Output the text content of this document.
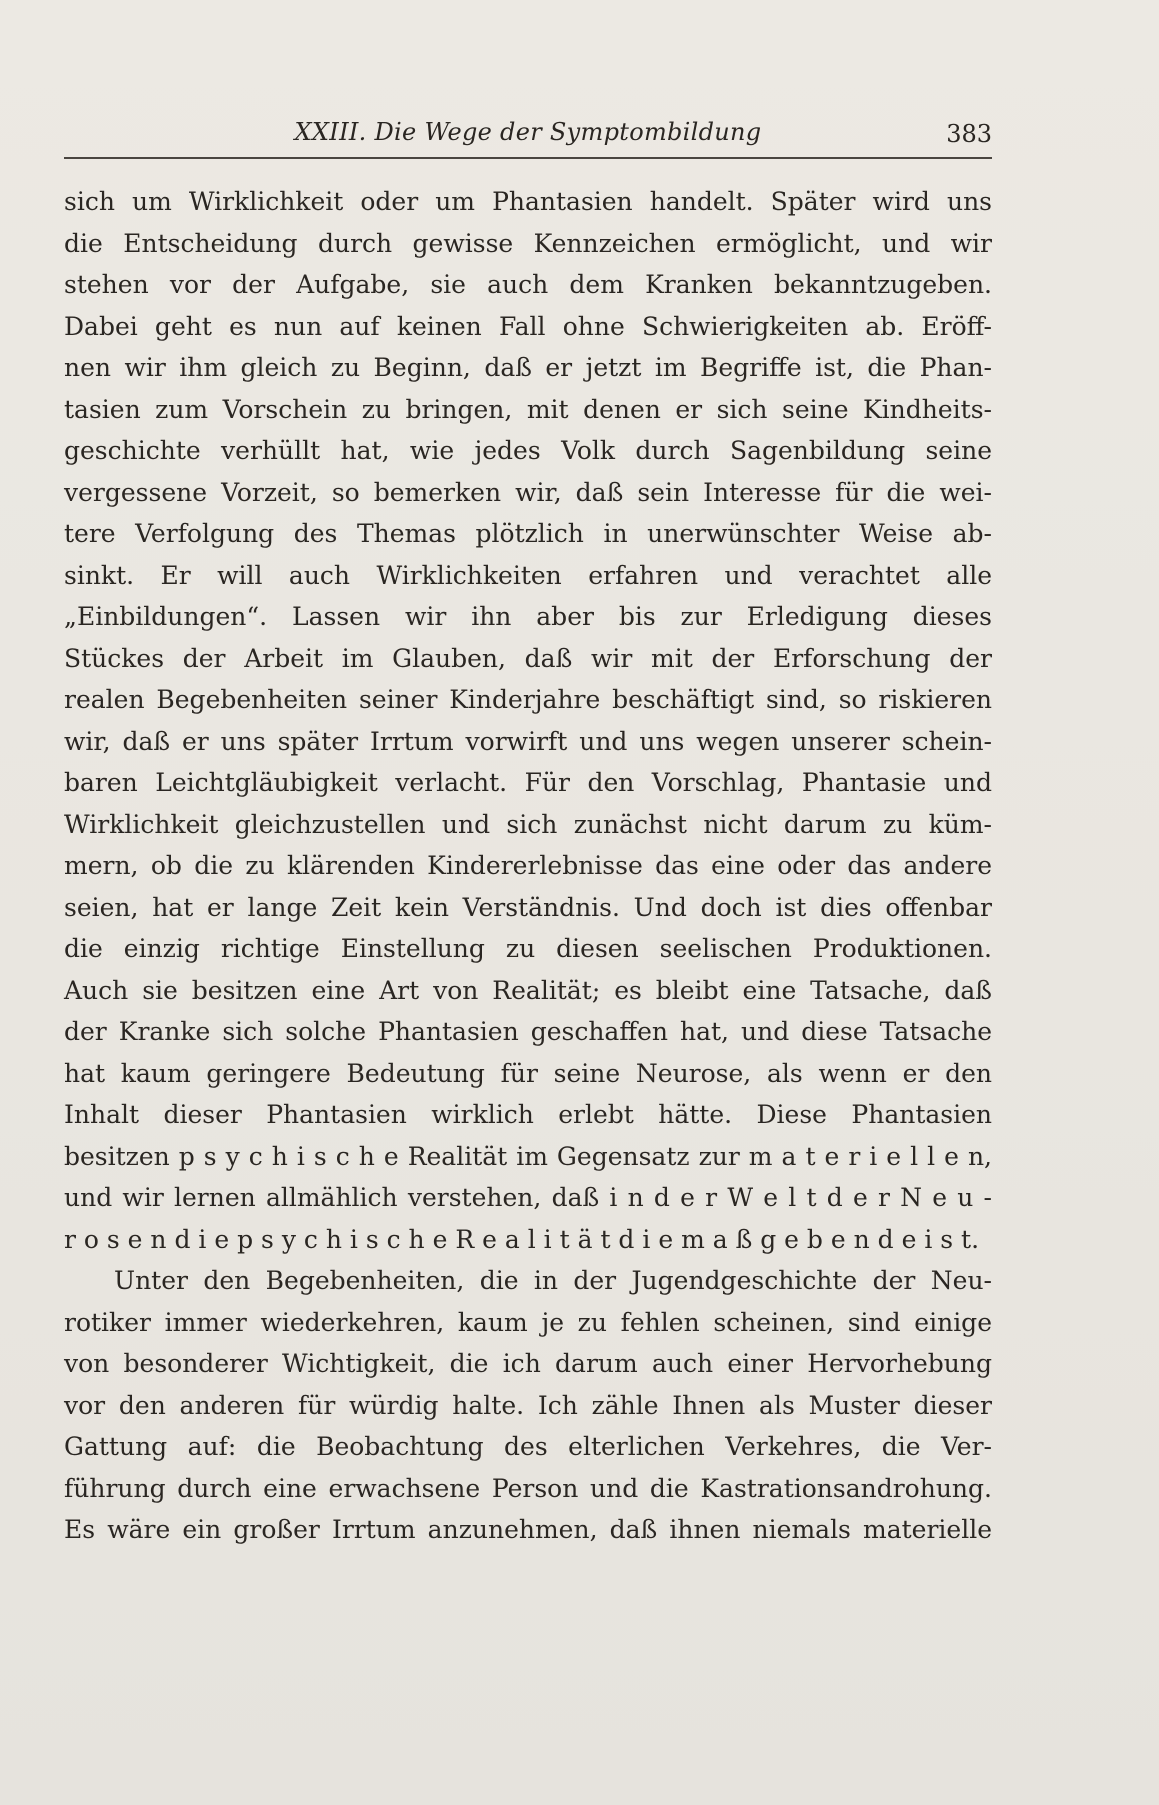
XXIII. Die Wege der Symptombildung	383
sich um Wirklichkeit oder um Phantasien handelt. Später wird uns
die Entscheidung durch gewisse Kennzeichen ermöglicht, und wir
stehen vor der Aufgabe, sie auch dem Kranken bekanntzugeben.
Dabei geht es nun auf keinen Fall ohne Schwierigkeiten ab. Eröff-
nen wir ihm gleich zu Beginn, daß er jetzt im Begriffe ist, die Phan-
tasien zum Vorschein zu bringen, mit denen er sich seine Kindheits-
geschichte verhüllt hat, wie jedes Volk durch Sagenbildung seine
vergessene Vorzeit, so bemerken wir, daß sein Interesse für die wei-
tere Verfolgung des Themas plötzlich in unerwünschter Weise ab-
sinkt. Er will auch Wirklichkeiten erfahren und verachtet alle
„Einbildungen“. Lassen wir ihn aber bis zur Erledigung dieses
Stückes der Arbeit im Glauben, daß wir mit der Erforschung der
realen Begebenheiten seiner Kinderjahre beschäftigt sind, so riskieren
wir, daß er uns später Irrtum vorwirft und uns wegen unserer schein-
baren Leichtgläubigkeit verlacht. Für den Vorschlag, Phantasie und
Wirklichkeit gleichzustellen und sich zunächst nicht darum zu küm-
mern, ob die zu klärenden Kindererlebnisse das eine oder das andere
seien, hat er lange Zeit kein Verständnis. Und doch ist dies offenbar
die einzig richtige Einstellung zu diesen seelischen Produktionen.
Auch sie besitzen eine Art von Realität; es bleibt eine Tatsache, daß
der Kranke sich solche Phantasien geschaffen hat, und diese Tatsache
hat kaum geringere Bedeutung für seine Neurose, als wenn er den
Inhalt dieser Phantasien wirklich erlebt hätte. Diese Phantasien
besitzen p s y c h i s c h e Realität im Gegensatz zur m a t e r i e l l e n,
und wir lernen allmählich verstehen, daß i n d e r W e l t d e r N e u -
r o s e n d i e p s y c h i s c h e R e a l i t ä t d i e m a ß g e b e n d e i s t.
Unter den Begebenheiten, die in der Jugendgeschichte der Neu-
rotiker immer wiederkehren, kaum je zu fehlen scheinen, sind einige
von besonderer Wichtigkeit, die ich darum auch einer Hervorhebung
vor den anderen für würdig halte. Ich zähle Ihnen als Muster dieser
Gattung auf: die Beobachtung des elterlichen Verkehres, die Ver-
führung durch eine erwachsene Person und die Kastrationsandrohung.
Es wäre ein großer Irrtum anzunehmen, daß ihnen niemals materielle
